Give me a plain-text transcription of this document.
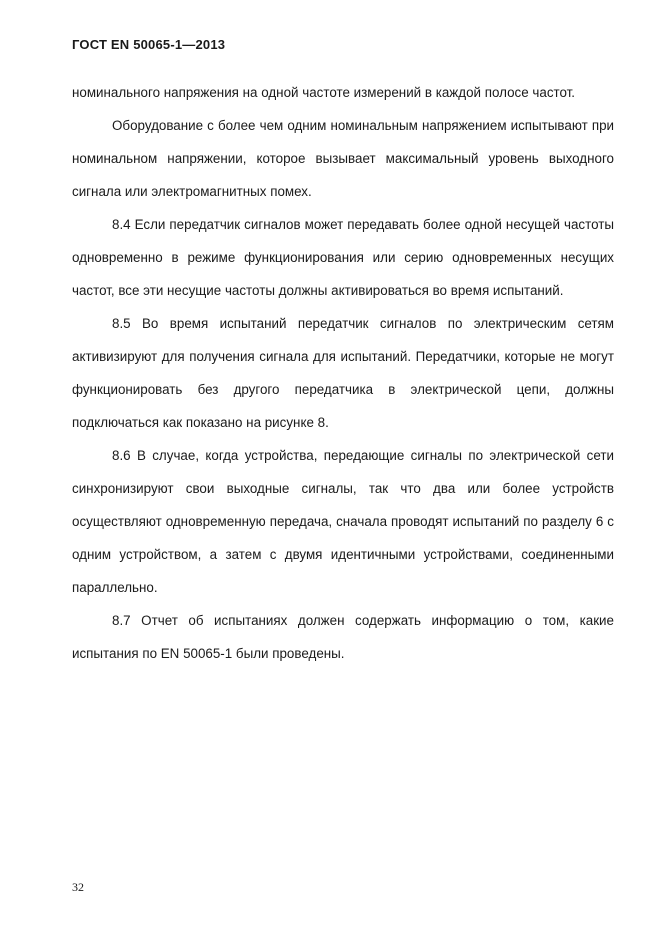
ГОСТ EN 50065-1—2013

номинального напряжения на одной частоте измерений в каждой полосе частот.

Оборудование с более чем одним номинальным напряжением испытывают при номинальном напряжении, которое вызывает максимальный уровень выходного сигнала или электромагнитных помех.

8.4 Если передатчик сигналов может передавать более одной несущей частоты одновременно в режиме функционирования или серию одновременных несущих частот, все эти несущие частоты должны активироваться во время испытаний.

8.5 Во время испытаний передатчик сигналов по электрическим сетям активизируют для получения сигнала для испытаний. Передатчики, которые не могут функционировать без другого передатчика в электрической цепи, должны подключаться как показано на рисунке 8.

8.6 В случае, когда устройства, передающие сигналы по электрической сети синхронизируют свои выходные сигналы, так что два или более устройств осуществляют одновременную передача, сначала проводят испытаний по разделу 6 с одним устройством, а затем с двумя идентичными устройствами, соединенными параллельно.

8.7 Отчет об испытаниях должен содержать информацию о том, какие испытания по EN 50065-1 были проведены.

32
